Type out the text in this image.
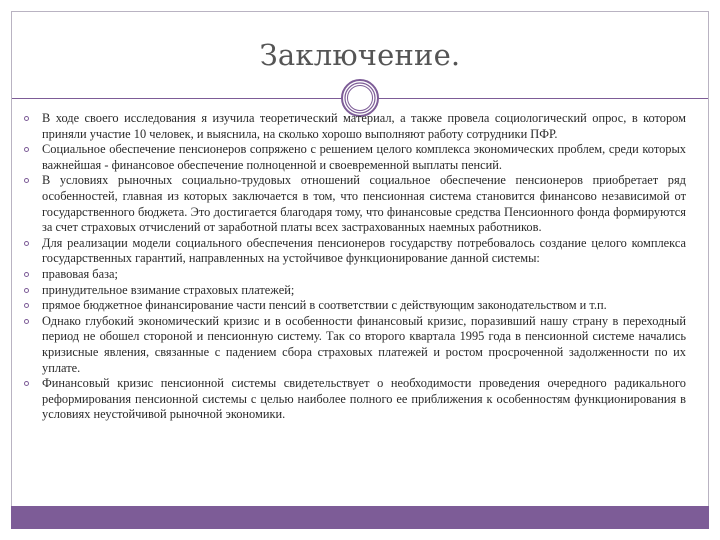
Заключение.
В ходе своего исследования я изучила теоретический материал, а также провела социологический опрос, в котором приняли участие 10 человек, и выяснила, на сколько хорошо выполняют работу сотрудники ПФР.
Социальное обеспечение пенсионеров сопряжено с решением целого комплекса экономических проблем, среди которых важнейшая - финансовое обеспечение полноценной и своевременной выплаты пенсий.
В условиях рыночных социально-трудовых отношений социальное обеспечение пенсионеров приобретает ряд особенностей, главная из которых заключается в том, что пенсионная система становится финансово независимой от государственного бюджета. Это достигается благодаря тому, что финансовые средства Пенсионного фонда формируются за счет страховых отчислений от заработной платы всех застрахованных наемных работников.
Для реализации модели социального обеспечения пенсионеров государству потребовалось создание целого комплекса государственных гарантий, направленных на устойчивое функционирование данной системы:
правовая база;
принудительное взимание страховых платежей;
прямое бюджетное финансирование части пенсий в соответствии с действующим законодательством и т.п.
Однако глубокий экономический кризис и в особенности финансовый кризис, поразивший нашу страну в переходный период не обошел стороной и пенсионную систему. Так со второго квартала 1995 года в пенсионной системе начались кризисные явления, связанные с падением сбора страховых платежей и ростом просроченной задолженности по их уплате.
Финансовый кризис пенсионной системы свидетельствует о необходимости проведения очередного радикального реформирования пенсионной системы с целью наиболее полного ее приближения к особенностям функционирования в условиях неустойчивой рыночной экономики.
